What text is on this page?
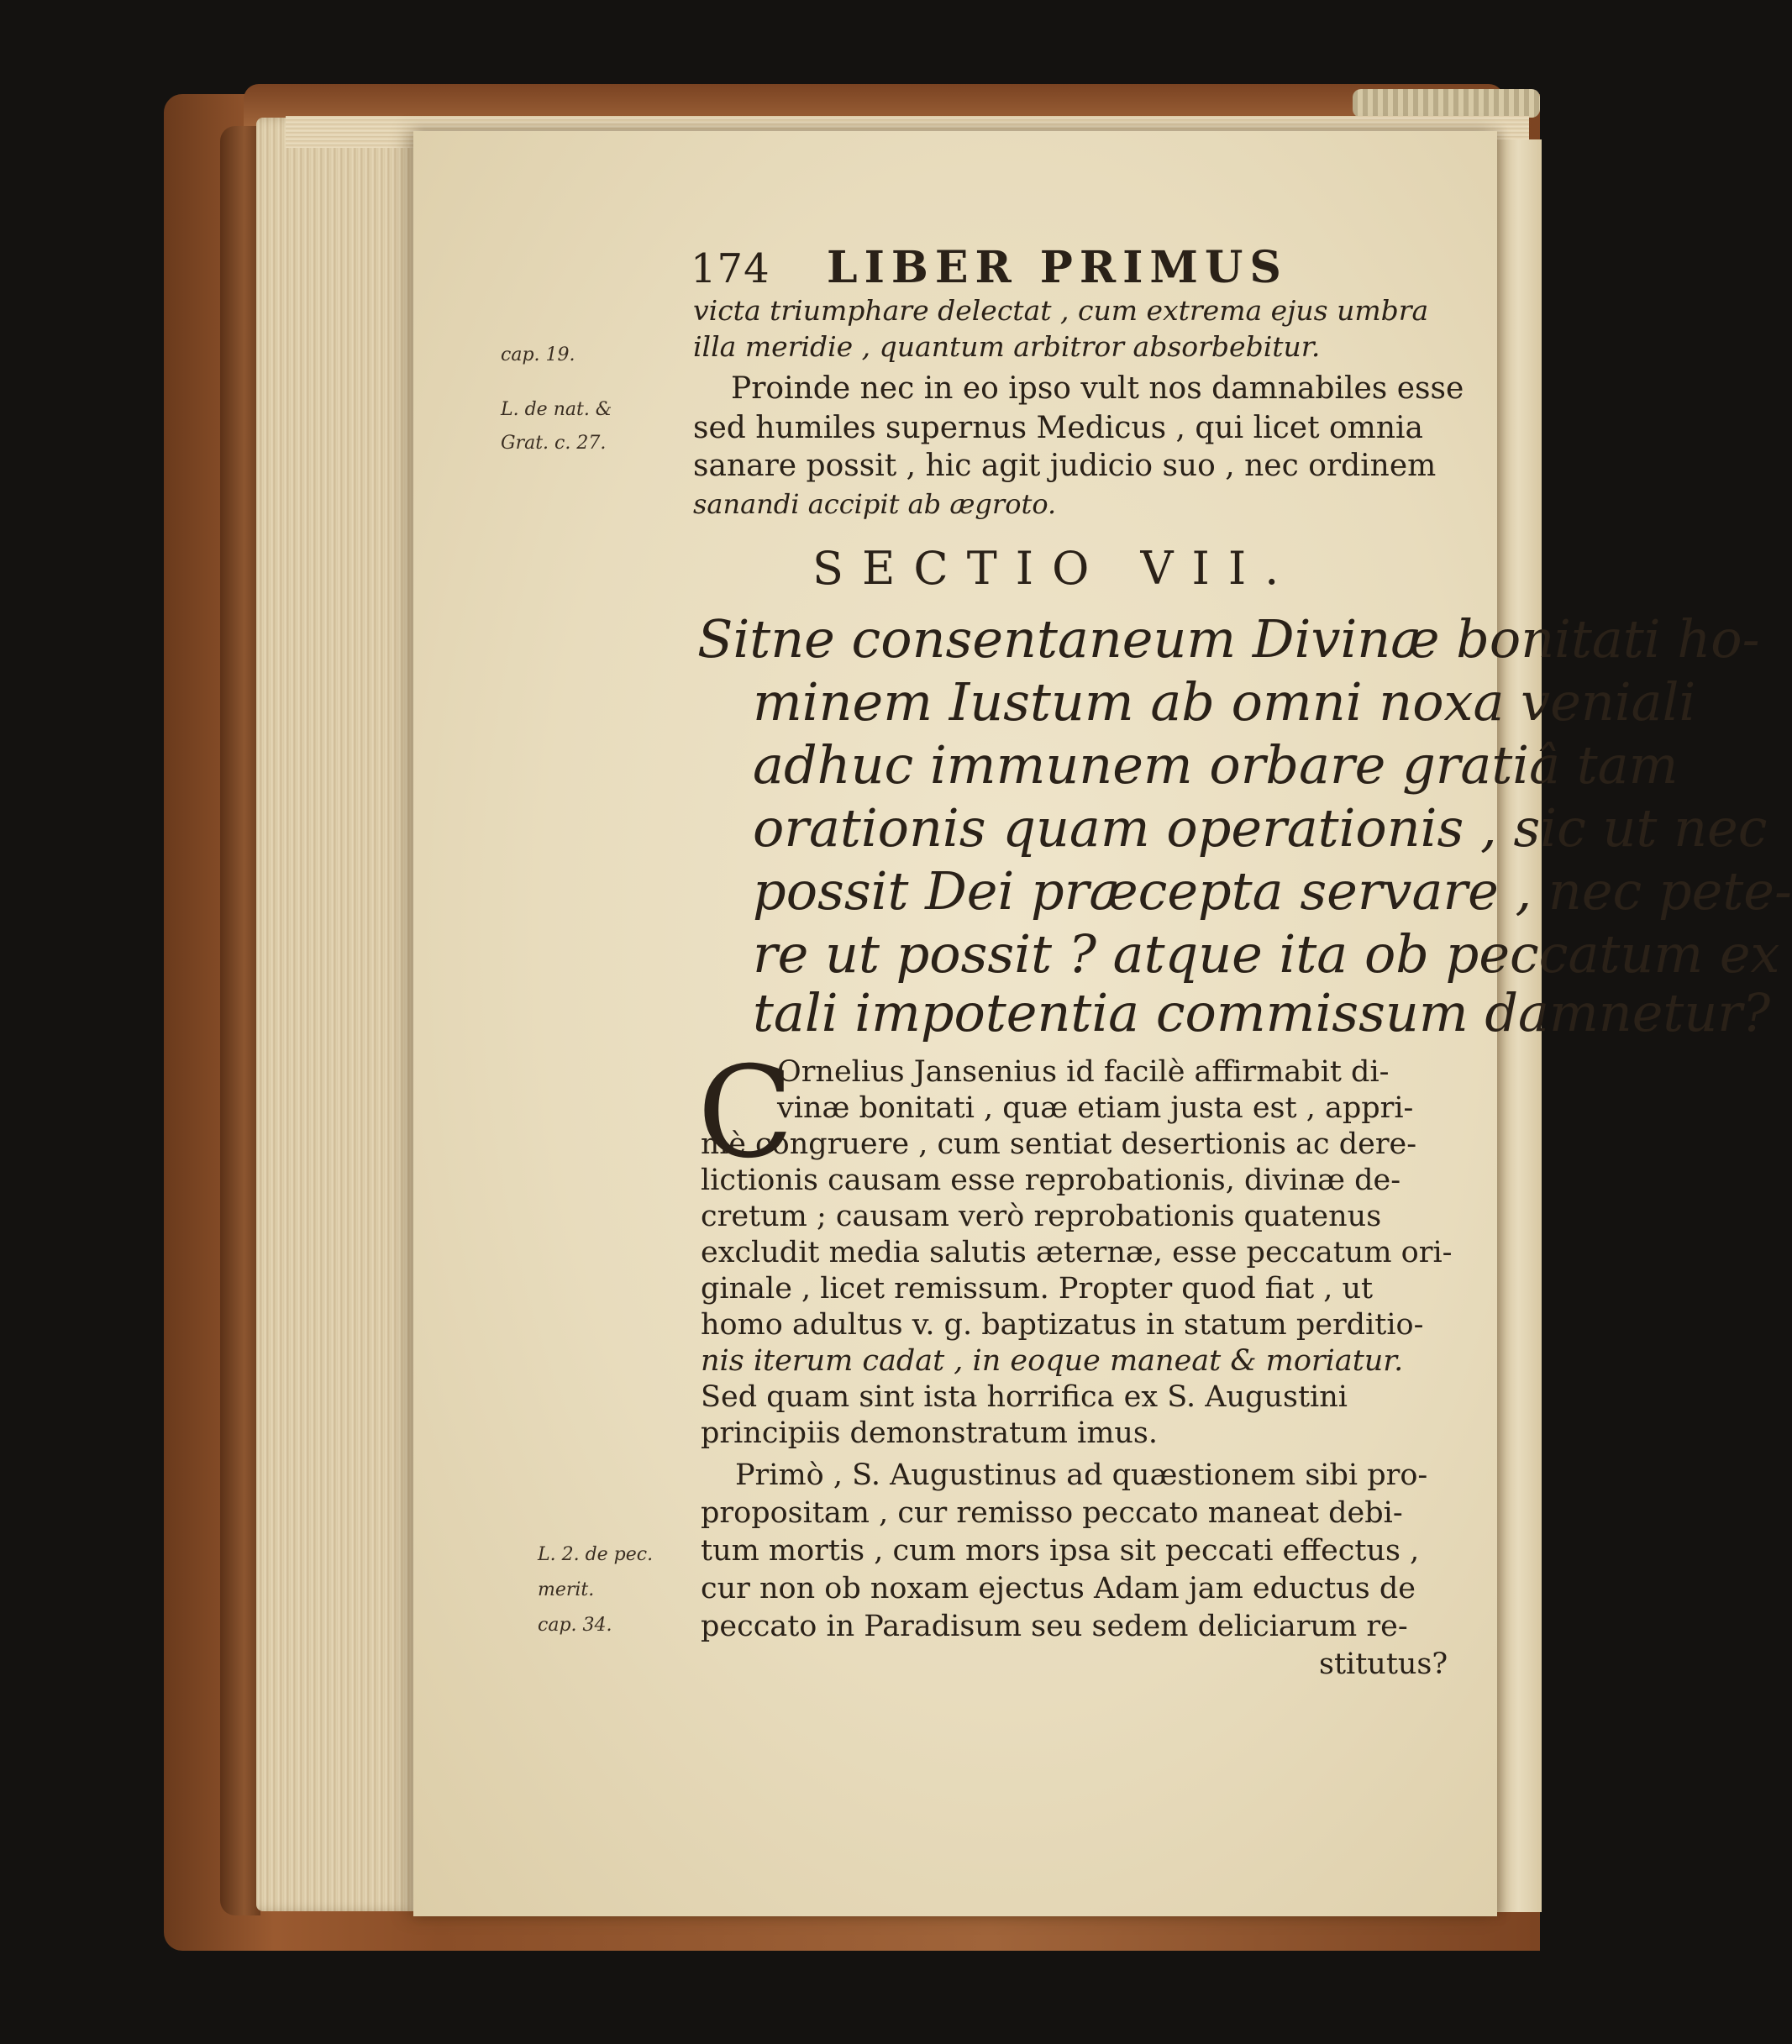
174 LIBER PRIMUS
victa triumphare delectat , cum extrema ejus umbra
illa meridie , quantum arbitror absorbebitur.
Proinde nec in eo ipso vult nos damnabiles esse
sed humiles supernus Medicus , qui licet omnia
sanare possit , hic agit judicio suo , nec ordinem
sanandi accipit ab ægroto.
cap. 19.
L. de nat. &
Grat. c. 27.
L. 2. de pec.
merit.
cap. 34.
SECTIO VII.
Sitne consentaneum Divinæ bonitati ho-
minem Iustum ab omni noxa veniali
adhuc immunem orbare gratiâ tam
orationis quam operationis , sic ut nec
possit Dei præcepta servare , nec pete-
re ut possit ? atque ita ob peccatum ex
tali impotentia commissum damnetur?
C
Ornelius Jansenius id facilè affirmabit di-
vinæ bonitati , quæ etiam justa est , appri-
mè congruere , cum sentiat desertionis ac dere-
lictionis causam esse reprobationis, divinæ de-
cretum ; causam verò reprobationis quatenus
excludit media salutis æternæ, esse peccatum ori-
ginale , licet remissum. Propter quod fiat , ut
homo adultus v. g. baptizatus in statum perditio-
nis iterum cadat , in eoque maneat & moriatur.
Sed quam sint ista horrifica ex S. Augustini
principiis demonstratum imus.
Primò , S. Augustinus ad quæstionem sibi pro-
propositam , cur remisso peccato maneat debi-
tum mortis , cum mors ipsa sit peccati effectus ,
cur non ob noxam ejectus Adam jam eductus de
peccato in Paradisum seu sedem deliciarum re-
stitutus?
